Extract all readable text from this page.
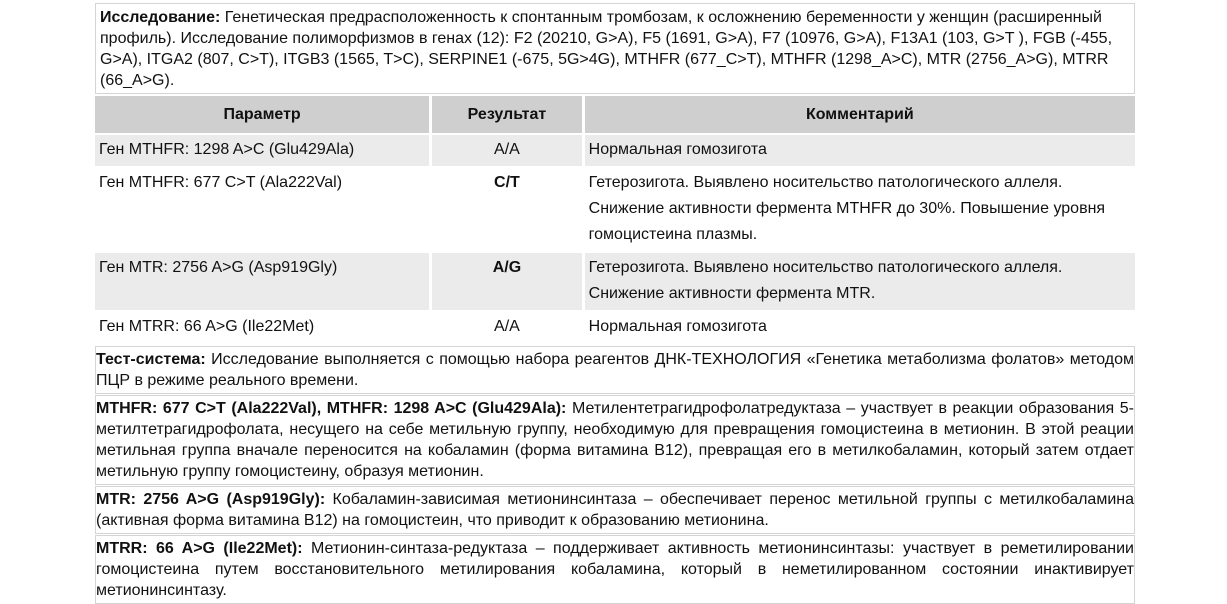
Исследование: Генетическая предрасположенность к спонтанным тромбозам, к осложнению беременности у женщин (расширенный профиль). Исследование полиморфизмов в генах (12): F2 (20210, G>A), F5 (1691, G>A), F7 (10976, G>A), F13A1 (103, G>T ), FGB (-455, G>A), ITGA2 (807, C>T), ITGB3 (1565, T>C), SERPINE1 (-675, 5G>4G), MTHFR (677_C>T), MTHFR (1298_A>C), MTR (2756_A>G), MTRR (66_A>G).
Параметр	Результат	Комментарий
Ген MTHFR: 1298 A>C (Glu429Ala)	A/A	Нормальная гомозигота
Ген MTHFR: 677 C>T (Ala222Val)	C/T	Гетерозигота. Выявлено носительство патологического аллеля. Снижение активности фермента MTHFR до 30%. Повышение уровня гомоцистеина плазмы.
Ген MTR: 2756 A>G (Asp919Gly)	A/G	Гетерозигота. Выявлено носительство патологического аллеля. Снижение активности фермента MTR.
Ген MTRR: 66 A>G (Ile22Met)	A/A	Нормальная гомозигота
Тест-система: Исследование выполняется с помощью набора реагентов ДНК-ТЕХНОЛОГИЯ «Генетика метаболизма фолатов» методом ПЦР в режиме реального времени.
MTHFR: 677 C>T (Ala222Val), MTHFR: 1298 A>C (Glu429Ala): Метилентетрагидрофолатредуктаза – участвует в реакции образования 5-метилтетрагидрофолата, несущего на себе метильную группу, необходимую для превращения гомоцистеина в метионин. В этой реации метильная группа вначале переносится на кобаламин (форма витамина В12), превращая его в метилкобаламин, который затем отдает метильную группу гомоцистеину, образуя метионин.
MTR: 2756 A>G (Asp919Gly): Кобаламин-зависимая метионинсинтаза – обеспечивает перенос метильной группы с метилкобаламина (активная форма витамина В12) на гомоцистеин, что приводит к образованию метионина.
MTRR: 66 A>G (Ile22Met): Метионин-синтаза-редуктаза – поддерживает активность метионинсинтазы: участвует в реметилировании гомоцистеина путем восстановительного метилирования кобаламина, который в неметилированном состоянии инактивирует метионинсинтазу.
